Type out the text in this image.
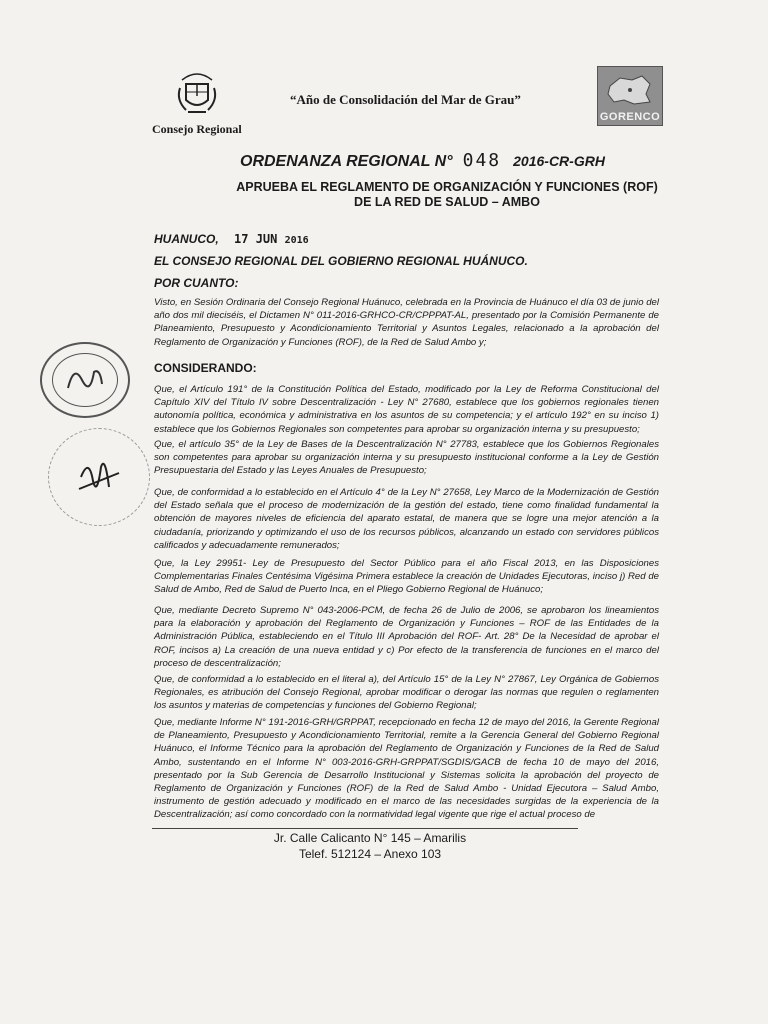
Consejo Regional
“Año de Consolidación del Mar de Grau”
GORENCO
ORDENANZA REGIONAL N° 048 2016-CR-GRH
APRUEBA EL REGLAMENTO DE ORGANIZACIÓN Y FUNCIONES (ROF) DE LA RED DE SALUD – AMBO
HUANUCO, 17 JUN 2016
EL CONSEJO REGIONAL DEL GOBIERNO REGIONAL HUÁNUCO.
POR CUANTO:
Visto, en Sesión Ordinaria del Consejo Regional Huánuco, celebrada en la Provincia de Huánuco el día 03 de junio del año dos mil dieciséis, el Dictamen N° 011-2016-GRHCO-CR/CPPPAT-AL, presentado por la Comisión Permanente de Planeamiento, Presupuesto y Acondicionamiento Territorial y Asuntos Legales, relacionado a la aprobación del Reglamento de Organización y Funciones (ROF), de la Red de Salud Ambo y;
CONSIDERANDO:
Que, el Artículo 191° de la Constitución Política del Estado, modificado por la Ley de Reforma Constitucional del Capítulo XIV del Título IV sobre Descentralización - Ley N° 27680, establece que los gobiernos regionales tienen autonomía política, económica y administrativa en los asuntos de su competencia; y el artículo 192° en su inciso 1) establece que los Gobiernos Regionales son competentes para aprobar su organización interna y su presupuesto;
Que, el artículo 35° de la Ley de Bases de la Descentralización N° 27783, establece que los Gobiernos Regionales son competentes para aprobar su organización interna y su presupuesto institucional conforme a la Ley de Gestión Presupuestaria del Estado y las Leyes Anuales de Presupuesto;
Que, de conformidad a lo establecido en el Artículo 4° de la Ley N° 27658, Ley Marco de la Modernización de Gestión del Estado señala que el proceso de modernización de la gestión del estado, tiene como finalidad fundamental la obtención de mayores niveles de eficiencia del aparato estatal, de manera que se logre una mejor atención a la ciudadanía, priorizando y optimizando el uso de los recursos públicos, alcanzando un estado con servidores públicos calificados y adecuadamente remunerados;
Que, la Ley 29951- Ley de Presupuesto del Sector Público para el año Fiscal 2013, en las Disposiciones Complementarias Finales Centésima Vigésima Primera establece la creación de Unidades Ejecutoras, inciso j) Red de Salud de Ambo, Red de Salud de Puerto Inca, en el Pliego Gobierno Regional de Huánuco;
Que, mediante Decreto Supremo N° 043-2006-PCM, de fecha 26 de Julio de 2006, se aprobaron los lineamientos para la elaboración y aprobación del Reglamento de Organización y Funciones – ROF de las Entidades de la Administración Pública, estableciendo en el Título III Aprobación del ROF- Art. 28° De la Necesidad de aprobar el ROF, incisos a) La creación de una nueva entidad y c) Por efecto de la transferencia de funciones en el marco del proceso de descentralización;
Que, de conformidad a lo establecido en el literal a), del Artículo 15° de la Ley N° 27867, Ley Orgánica de Gobiernos Regionales, es atribución del Consejo Regional, aprobar modificar o derogar las normas que regulen o reglamenten los asuntos y materias de competencias y funciones del Gobierno Regional;
Que, mediante Informe N° 191-2016-GRH/GRPPAT, recepcionado en fecha 12 de mayo del 2016, la Gerente Regional de Planeamiento, Presupuesto y Acondicionamiento Territorial, remite a la Gerencia General del Gobierno Regional Huánuco, el Informe Técnico para la aprobación del Reglamento de Organización y Funciones de la Red de Salud Ambo, sustentando en el Informe N° 003-2016-GRH-GRPPAT/SGDIS/GACB de fecha 10 de mayo del 2016, presentado por la Sub Gerencia de Desarrollo Institucional y Sistemas solicita la aprobación del proyecto de Reglamento de Organización y Funciones (ROF) de la Red de Salud Ambo - Unidad Ejecutora – Salud Ambo, instrumento de gestión adecuado y modificado en el marco de las necesidades surgidas de la experiencia de la Descentralización; así como concordado con la normatividad legal vigente que rige el actual proceso de
Jr. Calle Calicanto N° 145 – Amarilis
Telef. 512124 – Anexo 103
